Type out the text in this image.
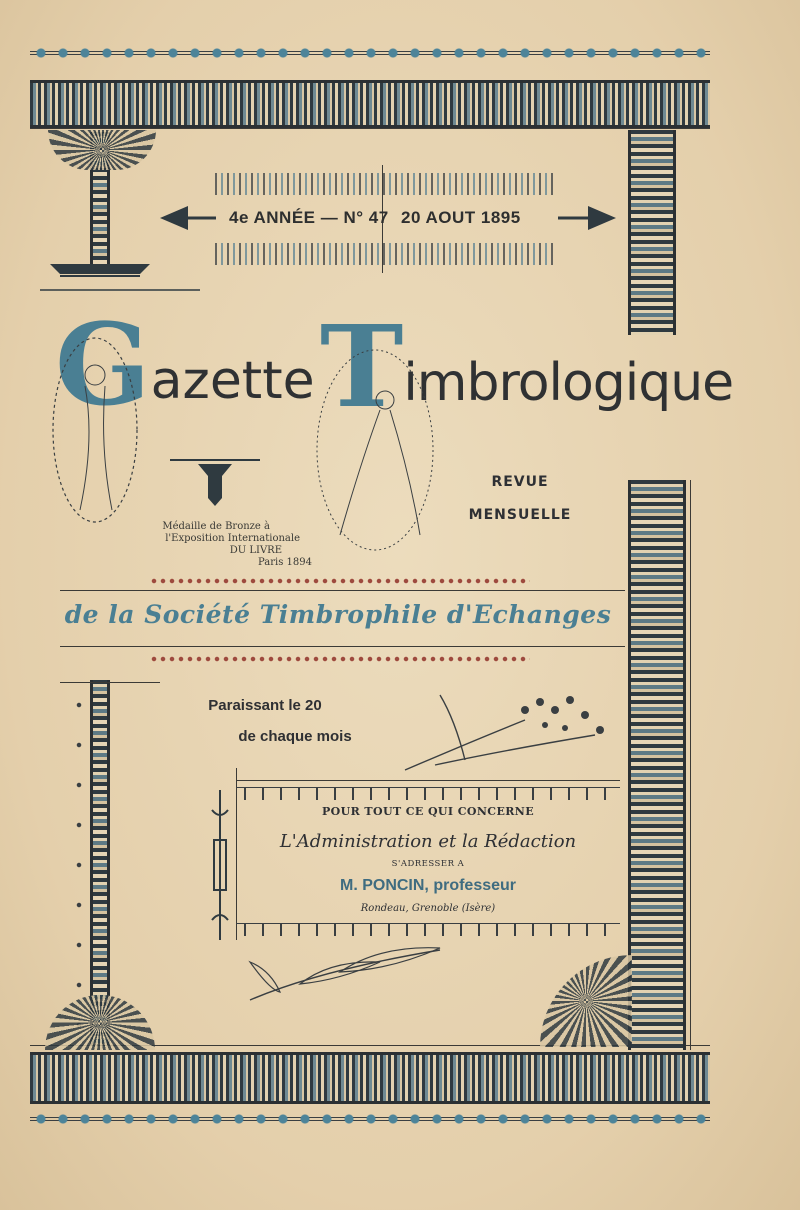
4e ANNÉE — N° 47 20 AOUT 1895
Gazette Timbrologique
Médaille de Bronze à
l'Exposition Internationale
DU LIVRE
Paris 1894
REVUE
MENSUELLE
de la Société Timbrophile d'Echanges
Paraissant le 20
de chaque mois
POUR TOUT CE QUI CONCERNE
L'Administration et la Rédaction
S'ADRESSER A
M. PONCIN, professeur
Rondeau, Grenoble (Isère)
